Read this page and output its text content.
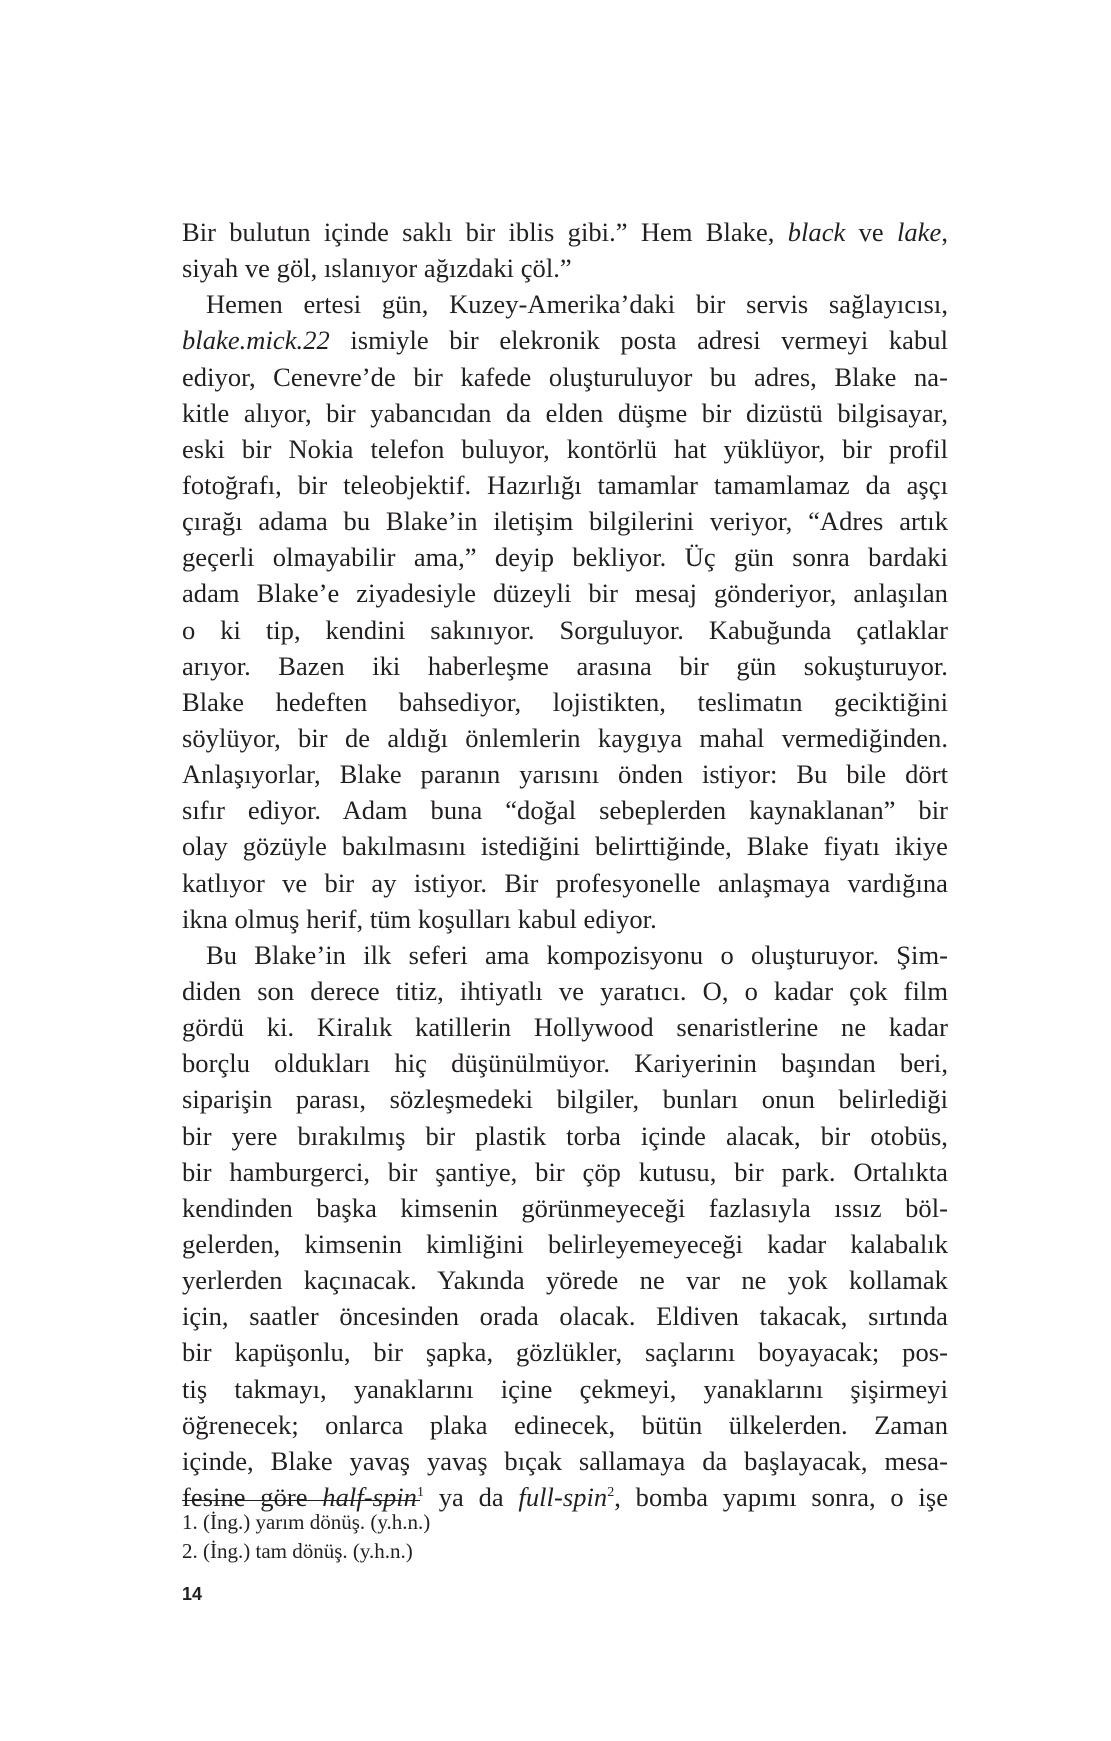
Bir bulutun içinde saklı bir iblis gibi.” Hem Blake, black ve lake,
siyah ve göl, ıslanıyor ağızdaki çöl.”
Hemen ertesi gün, Kuzey-Amerika’daki bir servis sağlayıcısı,
blake.mick.22 ismiyle bir elekronik posta adresi vermeyi kabul
ediyor, Cenevre’de bir kafede oluşturuluyor bu adres, Blake na-
kitle alıyor, bir yabancıdan da elden düşme bir dizüstü bilgisayar,
eski bir Nokia telefon buluyor, kontörlü hat yüklüyor, bir profil
fotoğrafı, bir teleobjektif. Hazırlığı tamamlar tamamlamaz da aşçı
çırağı adama bu Blake’in iletişim bilgilerini veriyor, “Adres artık
geçerli olmayabilir ama,” deyip bekliyor. Üç gün sonra bardaki
adam Blake’e ziyadesiyle düzeyli bir mesaj gönderiyor, anlaşılan
o ki tip, kendini sakınıyor. Sorguluyor. Kabuğunda çatlaklar
arıyor. Bazen iki haberleşme arasına bir gün sokuşturuyor.
Blake hedeften bahsediyor, lojistikten, teslimatın geciktiğini
söylüyor, bir de aldığı önlemlerin kaygıya mahal vermediğinden.
Anlaşıyorlar, Blake paranın yarısını önden istiyor: Bu bile dört
sıfır ediyor. Adam buna “doğal sebeplerden kaynaklanan” bir
olay gözüyle bakılmasını istediğini belirttiğinde, Blake fiyatı ikiye
katlıyor ve bir ay istiyor. Bir profesyonelle anlaşmaya vardığına
ikna olmuş herif, tüm koşulları kabul ediyor.
Bu Blake’in ilk seferi ama kompozisyonu o oluşturuyor. Şim-
diden son derece titiz, ihtiyatlı ve yaratıcı. O, o kadar çok film
gördü ki. Kiralık katillerin Hollywood senaristlerine ne kadar
borçlu oldukları hiç düşünülmüyor. Kariyerinin başından beri,
siparişin parası, sözleşmedeki bilgiler, bunları onun belirlediği
bir yere bırakılmış bir plastik torba içinde alacak, bir otobüs,
bir hamburgerci, bir şantiye, bir çöp kutusu, bir park. Ortalıkta
kendinden başka kimsenin görünmeyeceği fazlasıyla ıssız böl-
gelerden, kimsenin kimliğini belirleyemeyeceği kadar kalabalık
yerlerden kaçınacak. Yakında yörede ne var ne yok kollamak
için, saatler öncesinden orada olacak. Eldiven takacak, sırtında
bir kapüşonlu, bir şapka, gözlükler, saçlarını boyayacak; pos-
tiş takmayı, yanaklarını içine çekmeyi, yanaklarını şişirmeyi
öğrenecek; onlarca plaka edinecek, bütün ülkelerden. Zaman
içinde, Blake yavaş yavaş bıçak sallamaya da başlayacak, mesa-
fesine göre half-spin$^1$ ya da full-spin$^2$, bomba yapımı sonra, o işe
1. (İng.) yarım dönüş. (y.h.n.)
2. (İng.) tam dönüş. (y.h.n.)
14
